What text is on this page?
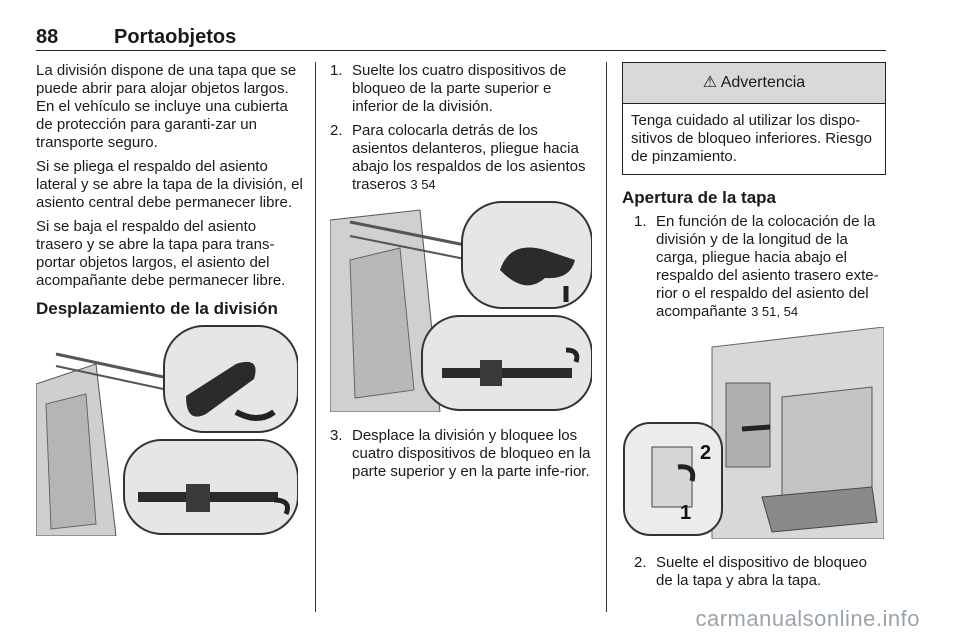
88	Portaobjetos

La división dispone de una tapa que se puede abrir para alojar objetos largos. En el vehículo se incluye una cubierta de protección para garanti-zar un transporte seguro.

Si se pliega el respaldo del asiento lateral y se abre la tapa de la división, el asiento central debe permanecer libre.

Si se baja el respaldo del asiento trasero y se abre la tapa para trans-portar objetos largos, el asiento del acompañante debe permanecer libre.

Desplazamiento de la división
1. Suelte los cuatro dispositivos de bloqueo de la parte superior e inferior de la división.
2. Para colocarla detrás de los asientos delanteros, pliegue hacia abajo los respaldos de los asientos traseros 3 54
3. Desplace la división y bloquee los cuatro dispositivos de bloqueo en la parte superior y en la parte infe-rior.
⚠ Advertencia
Tenga cuidado al utilizar los dispo-sitivos de bloqueo inferiores. Riesgo de pinzamiento.
Apertura de la tapa
1. En función de la colocación de la división y de la longitud de la carga, pliegue hacia abajo el respaldo del asiento trasero exte-rior o el respaldo del asiento del acompañante 3 51, 54
2
1
2. Suelte el dispositivo de bloqueo de la tapa y abra la tapa.
carmanualsonline.info
